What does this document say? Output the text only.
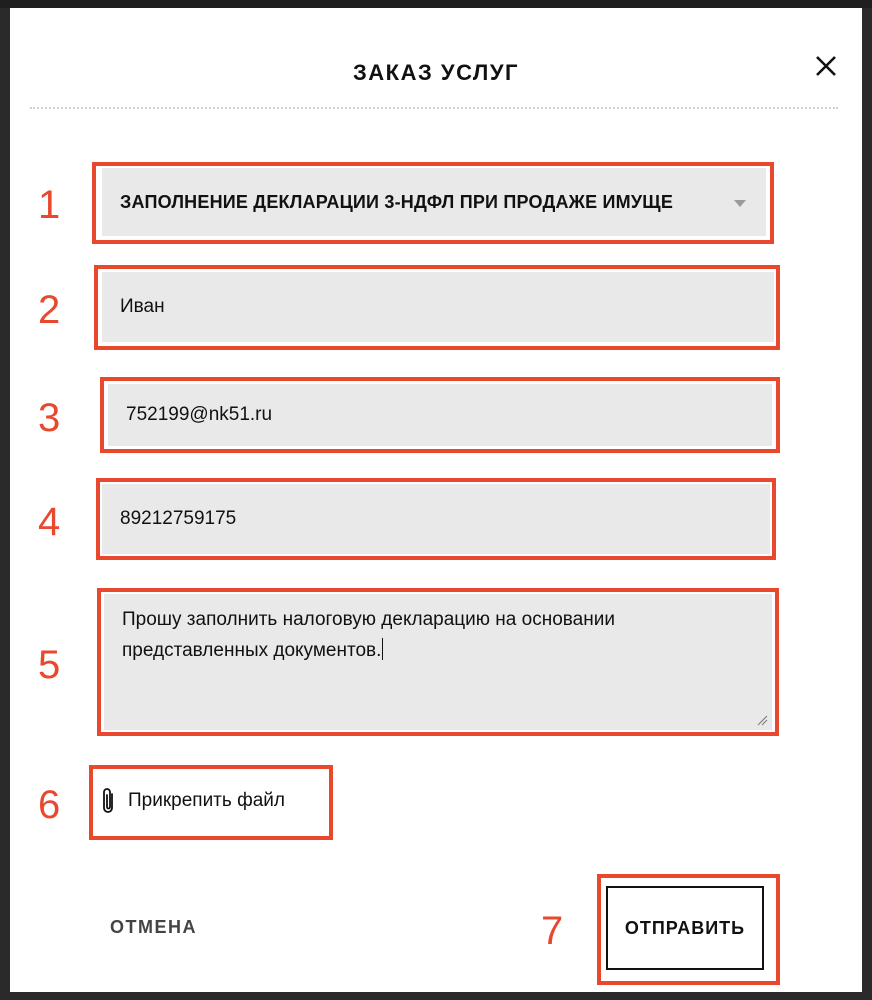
ЗАКАЗ УСЛУГ
1
2
3
4
5
6
7
ЗАПОЛНЕНИЕ ДЕКЛАРАЦИИ 3-НДФЛ ПРИ ПРОДАЖЕ ИМУЩЕ
Иван
752199@nk51.ru
89212759175
Прошу заполнить налоговую декларацию на основании представленных документов.
Прикрепить файл
ОТМЕНА	ОТПРАВИТЬ
